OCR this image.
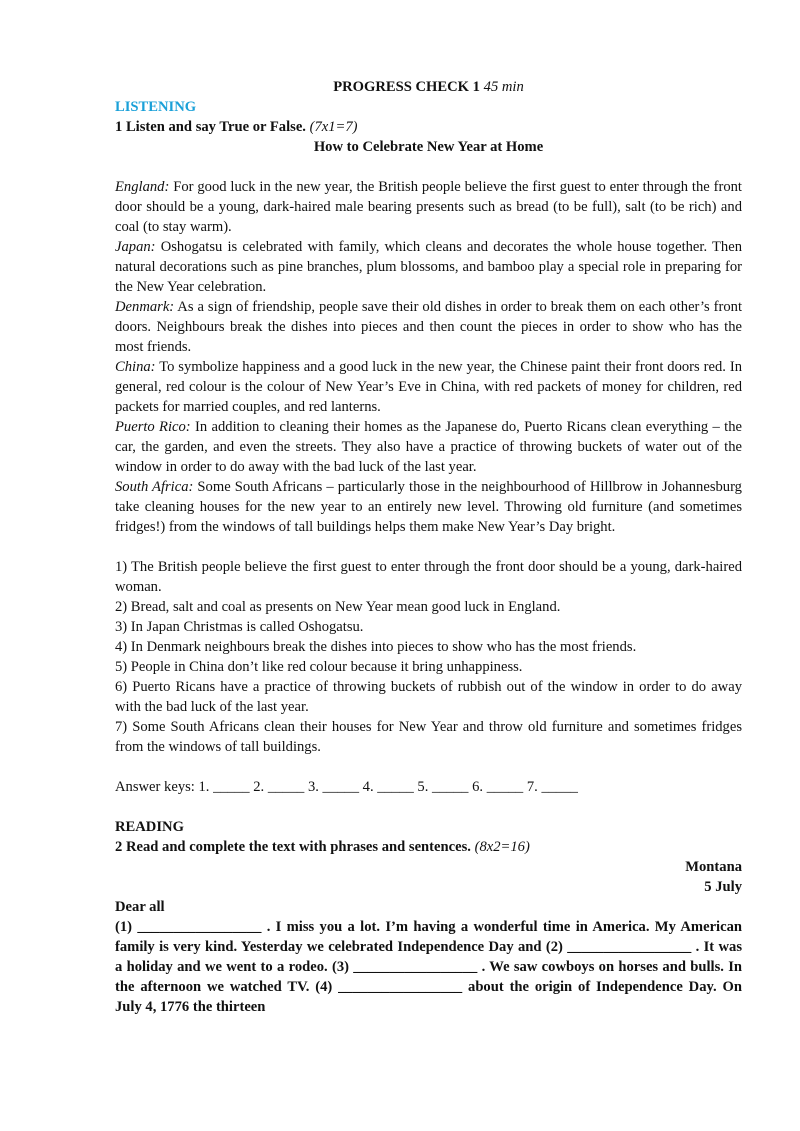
PROGRESS CHECK 1 45 min

LISTENING

1 Listen and say True or False. (7x1=7)

How to Celebrate New Year at Home

England: For good luck in the new year, the British people believe the first guest to enter through the front door should be a young, dark-haired male bearing presents such as bread (to be full), salt (to be rich) and coal (to stay warm).

Japan: Oshogatsu is celebrated with family, which cleans and decorates the whole house together. Then natural decorations such as pine branches, plum blossoms, and bamboo play a special role in preparing for the New Year celebration.

Denmark: As a sign of friendship, people save their old dishes in order to break them on each other’s front doors. Neighbours break the dishes into pieces and then count the pieces in order to show who has the most friends.

China: To symbolize happiness and a good luck in the new year, the Chinese paint their front doors red. In general, red colour is the colour of New Year’s Eve in China, with red packets of money for children, red packets for married couples, and red lanterns.

Puerto Rico: In addition to cleaning their homes as the Japanese do, Puerto Ricans clean everything – the car, the garden, and even the streets. They also have a practice of throwing buckets of water out of the window in order to do away with the bad luck of the last year.

South Africa: Some South Africans – particularly those in the neighbourhood of Hillbrow in Johannesburg take cleaning houses for the new year to an entirely new level. Throwing old furniture (and sometimes fridges!) from the windows of tall buildings helps them make New Year’s Day bright.

1) The British people believe the first guest to enter through the front door should be a young, dark-haired woman.

2) Bread, salt and coal as presents on New Year mean good luck in England.

3) In Japan Christmas is called Oshogatsu.

4) In Denmark neighbours break the dishes into pieces to show who has the most friends.

5) People in China don’t like red colour because it bring unhappiness.

6) Puerto Ricans have a practice of throwing buckets of rubbish out of the window in order to do away with the bad luck of the last year.

7) Some South Africans clean their houses for New Year and throw old furniture and sometimes fridges from the windows of tall buildings.

Answer keys: 1. _____ 2. _____ 3. _____ 4. _____ 5. _____ 6. _____ 7. _____

READING

2 Read and complete the text with phrases and sentences. (8x2=16)

Montana

5 July

Dear all

(1) _________________ . I miss you a lot. I’m having a wonderful time in America. My American family is very kind. Yesterday we celebrated Independence Day and (2) _________________ . It was a holiday and we went to a rodeo. (3) _________________ . We saw cowboys on horses and bulls. In the afternoon we watched TV. (4) _________________ about the origin of Independence Day. On July 4, 1776 the thirteen
